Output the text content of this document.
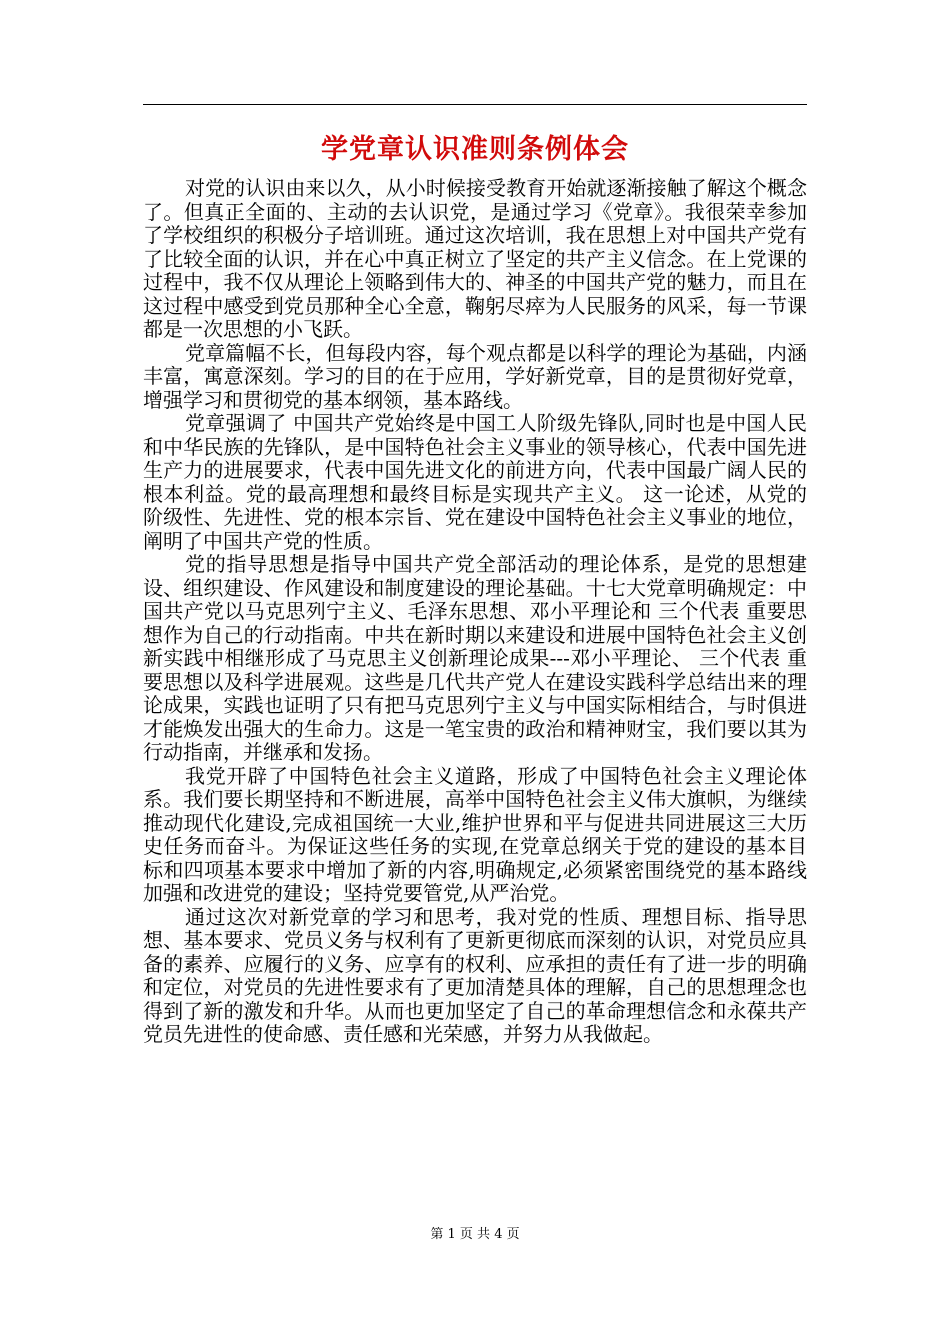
学党章认识准则条例体会

对党的认识由来以久，从小时候接受教育开始就逐渐接触了解这个概念了。但真正全面的、主动的去认识党，是通过学习《党章》。我很荣幸参加了学校组织的积极分子培训班。通过这次培训，我在思想上对中国共产党有了比较全面的认识，并在心中真正树立了坚定的共产主义信念。在上党课的过程中，我不仅从理论上领略到伟大的、神圣的中国共产党的魅力，而且在这过程中感受到党员那种全心全意，鞠躬尽瘁为人民服务的风采，每一节课都是一次思想的小飞跃。

党章篇幅不长，但每段内容，每个观点都是以科学的理论为基础，内涵丰富，寓意深刻。学习的目的在于应用，学好新党章，目的是贯彻好党章，增强学习和贯彻党的基本纲领，基本路线。

党章强调了 中国共产党始终是中国工人阶级先锋队,同时也是中国人民和中华民族的先锋队，是中国特色社会主义事业的领导核心，代表中国先进生产力的进展要求，代表中国先进文化的前进方向，代表中国最广阔人民的根本利益。党的最高理想和最终目标是实现共产主义。 这一论述，从党的阶级性、先进性、党的根本宗旨、党在建设中国特色社会主义事业的地位，阐明了中国共产党的性质。

党的指导思想是指导中国共产党全部活动的理论体系，是党的思想建设、组织建设、作风建设和制度建设的理论基础。十七大党章明确规定：中国共产党以马克思列宁主义、毛泽东思想、邓小平理论和 三个代表 重要思想作为自己的行动指南。中共在新时期以来建设和进展中国特色社会主义创新实践中相继形成了马克思主义创新理论成果---邓小平理论、 三个代表 重要思想以及科学进展观。这些是几代共产党人在建设实践科学总结出来的理论成果，实践也证明了只有把马克思列宁主义与中国实际相结合，与时俱进才能焕发出强大的生命力。这是一笔宝贵的政治和精神财宝，我们要以其为行动指南，并继承和发扬。

我党开辟了中国特色社会主义道路，形成了中国特色社会主义理论体系。我们要长期坚持和不断进展，高举中国特色社会主义伟大旗帜，为继续推动现代化建设,完成祖国统一大业,维护世界和平与促进共同进展这三大历史任务而奋斗。为保证这些任务的实现,在党章总纲关于党的建设的基本目标和四项基本要求中增加了新的内容,明确规定,必须紧密围绕党的基本路线加强和改进党的建设；坚持党要管党,从严治党。

通过这次对新党章的学习和思考，我对党的性质、理想目标、指导思想、基本要求、党员义务与权利有了更新更彻底而深刻的认识，对党员应具备的素养、应履行的义务、应享有的权利、应承担的责任有了进一步的明确和定位，对党员的先进性要求有了更加清楚具体的理解，自己的思想理念也得到了新的激发和升华。从而也更加坚定了自己的革命理想信念和永葆共产党员先进性的使命感、责任感和光荣感，并努力从我做起。

第 1 页 共 4 页
